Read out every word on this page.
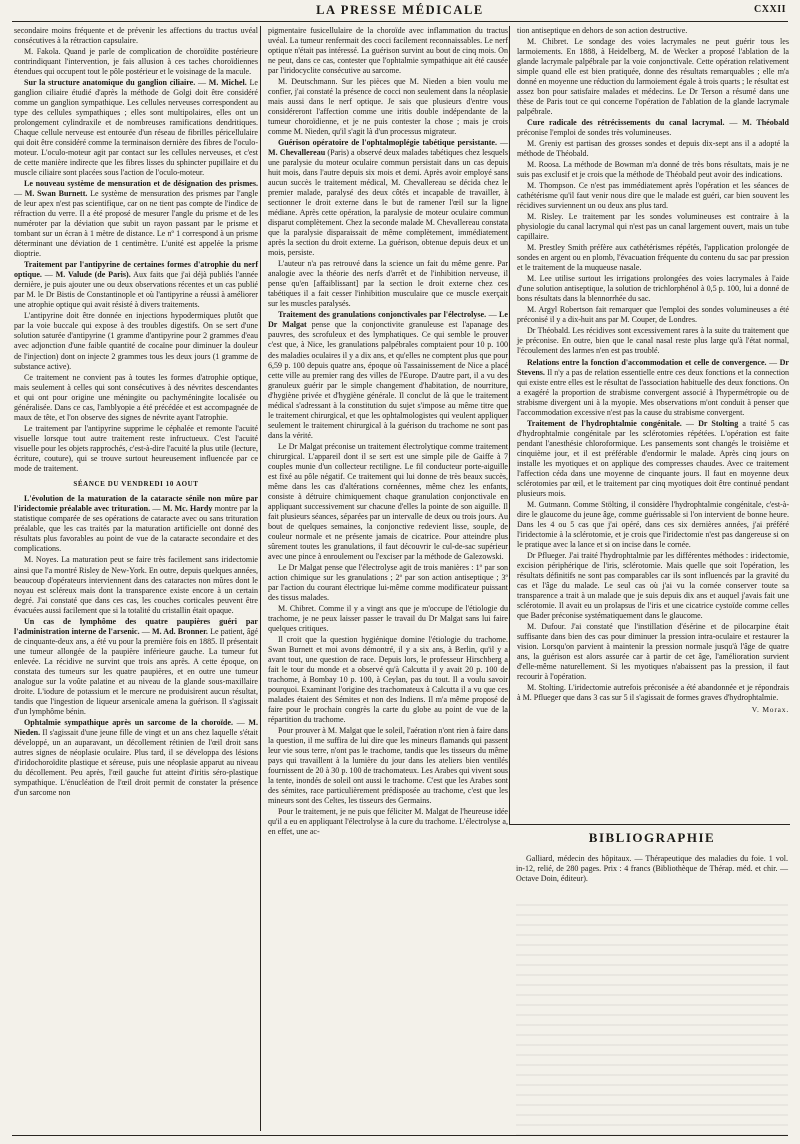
LA PRESSE MÉDICALE	CXXII

secondaire moins fréquente et de prévenir les affections du tractus uvéal consécutives à la rétraction capsulaire.

M. Fakola. Quand je parle de complication de choroïdite postérieure contrindiquant l'intervention, je fais allusion à ces taches choroïdiennes étendues qui occupent tout le pôle postérieur et le voisinage de la macule.

Sur la structure anatomique du ganglion ciliaire. — M. Michel. Le ganglion ciliaire étudié d'après la méthode de Golgi doit être considéré comme un ganglion sympathique. Les cellules nerveuses correspondent au type des cellules sympathiques ; elles sont multipolaires, elles ont un prolongement cylindraxile et de nombreuses ramifications dendritiques. Chaque cellule nerveuse est entourée d'un réseau de fibrilles péricellulaire qui doit être considéré comme la terminaison dernière des fibres de l'oculo-moteur. L'oculo-moteur agit par contact sur les cellules nerveuses, et c'est de cette manière indirecte que les fibres lisses du sphincter pupillaire et du muscle ciliaire sont placées sous l'action de l'oculo-moteur.

Le nouveau système de mensuration et de désignation des prismes. — M. Swan Burnett. Le système de mensuration des prismes par l'angle de leur apex n'est pas scientifique, car on ne tient pas compte de l'indice de réfraction du verre. Il a été proposé de mesurer l'angle du prisme et de les numéroter par la déviation que subit un rayon passant par le prisme et tombant sur un écran à 1 mètre de distance. Le nº 1 correspond à un prisme déterminant une déviation de 1 centimètre. L'unité est appelée la prisme dioptrie.

Traitement par l'antipyrine de certaines formes d'atrophie du nerf optique. — M. Valude (de Paris). Aux faits que j'ai déjà publiés l'année dernière, je puis ajouter une ou deux observations récentes et un cas publié par M. le Dr Bistis de Constantinople et où l'antipyrine a réussi à améliorer une atrophie optique qui avait résisté à divers traitements.

L'antipyrine doit être donnée en injections hypodermiques plutôt que par la voie buccale qui expose à des troubles digestifs. On se sert d'une solution saturée d'antipyrine (1 gramme d'antipyrine pour 2 grammes d'eau avec adjonction d'une faible quantité de cocaïne pour diminuer la douleur de l'injection) dont on injecte 2 grammes tous les deux jours (1 gramme de substance active).

Ce traitement ne convient pas à toutes les formes d'atrophie optique, mais seulement à celles qui sont consécutives à des névrites descendantes et qui ont pour origine une méningite ou pachyméningite localisée ou généralisée. Dans ce cas, l'amblyopie a été précédée et est accompagnée de maux de tête, et l'on observe des signes de névrite ayant l'atrophie.

Le traitement par l'antipyrine supprime le céphalée et remonte l'acuité visuelle lorsque tout autre traitement reste infructueux. C'est l'acuité visuelle pour les objets rapprochés, c'est-à-dire l'acuité la plus utile (lecture, écriture, couture), qui se trouve surtout heureusement influencée par ce mode de traitement.

SÉANCE DU VENDREDI 10 AOUT

L'évolution de la maturation de la cataracte sénile non mûre par l'iridectomie préalable avec trituration. — M. Mc. Hardy montre par la statistique comparée de ses opérations de cataracte avec ou sans trituration préalable, que les cas traités par la maturation artificielle ont donné des résultats plus favorables au point de vue de la cataracte secondaire et des complications.

M. Noyes. La maturation peut se faire très facilement sans iridectomie ainsi que l'a montré Risley de New-York. En outre, depuis quelques années, beaucoup d'opérateurs interviennent dans des cataractes non mûres dont le noyau est scléreux mais dont la transparence existe encore à un certain degré. J'ai constaté que dans ces cas, les couches corticales peuvent être évacuées aussi facilement que si la totalité du cristallin était opaque.

Un cas de lymphôme des quatre paupières guéri par l'administration interne de l'arsenic. — M. Ad. Bronner. Le patient, âgé de cinquante-deux ans, a été vu pour la première fois en 1885. Il présentait une tumeur allongée de la paupière inférieure gauche. La tumeur fut enlevée. La récidive ne survint que trois ans après. A cette époque, on constata des tumeurs sur les quatre paupières, et en outre une tumeur analogue sur la voûte palatine et au niveau de la glande sous-maxillaire droite. L'iodure de potassium et le mercure ne produisirent aucun résultat, tandis que l'ingestion de liqueur arsenicale amena la guérison. Il s'agissait d'un lymphôme bénin.

Ophtalmie sympathique après un sarcome de la choroïde. — M. Nieden. Il s'agissait d'une jeune fille de vingt et un ans chez laquelle s'était développé, un an auparavant, un décollement rétinien de l'œil droit sans autres signes de néoplasie oculaire. Plus tard, il se développa des lésions d'iridochoroïdite plastique et séreuse, puis une néoplasie apparut au niveau du décollement. Peu après, l'œil gauche fut atteint d'iritis séro-plastique sympathique. L'énucléation de l'œil droit permit de constater la présence d'un sarcome non

pigmentaire fusicellulaire de la choroïde avec inflammation du tractus uvéal. La tumeur renfermait des cocci facilement reconnaissables. Le nerf optique n'était pas intéressé. La guérison survint au bout de cinq mois. On ne peut, dans ce cas, contester que l'ophtalmie sympathique ait été causée par l'iridocyclite consécutive au sarcome.

M. Deutschmann. Sur les pièces que M. Nieden a bien voulu me confier, j'ai constaté la présence de cocci non seulement dans la néoplasie mais aussi dans le nerf optique. Je sais que plusieurs d'entre vous considéreront l'affection comme une iritis double indépendante de la tumeur choroïdienne, et je ne puis contester la chose ; mais je crois comme M. Nieden, qu'il s'agit là d'un processus migrateur.

Guérison opératoire de l'ophtalmoplégie tabétique persistante. — M. Chevallereau (Paris) a observé deux malades tabétiques chez lesquels une paralysie du moteur oculaire commun persistait dans un cas depuis huit mois, dans l'autre depuis six mois et demi. Après avoir employé sans aucun succès le traitement médical, M. Chevallereau se décida chez le premier malade, paralysé des deux côtés et incapable de travailler, à sectionner le droit externe dans le but de ramener l'œil sur la ligne médiane. Après cette opération, la paralysie de moteur oculaire commun disparut complètement. Chez la seconde malade M. Chevallereau constata que la paralysie disparaissait de même complètement, immédiatement après la section du droit externe. La guérison, obtenue depuis deux et un mois, persiste.

L'auteur n'a pas retrouvé dans la science un fait du même genre. Par analogie avec la théorie des nerfs d'arrêt et de l'inhibition nerveuse, il pense qu'en [affaiblissant] par la section le droit externe chez ces tabétiques il a fait cesser l'inhibition musculaire que ce muscle exerçait sur les muscles paralysés.

Traitement des granulations conjonctivales par l'électrolyse. — Le Dr Malgat pense que la conjonctivite granuleuse est l'apanage des pauvres, des scrofuleux et des lymphatiques. Ce qui semble le prouver c'est que, à Nice, les granulations palpébrales comptaient pour 10 p. 100 des maladies oculaires il y a dix ans, et qu'elles ne comptent plus que pour 6,59 p. 100 depuis quatre ans, époque où l'assainissement de Nice a placé cette ville au premier rang des villes de l'Europe. D'autre part, il a vu des granuleux guérir par le simple changement d'habitation, de nourriture, d'hygiène privée et d'hygiène générale. Il conclut de là que le traitement médical s'adressant à la constitution du sujet s'impose au même titre que le traitement chirurgical, et que les ophtalmologistes qui veulent appliquer seulement le traitement chirurgical à la guérison du trachome ne sont pas dans la vérité.

Le Dr Malgat préconise un traitement électrolytique comme traitement chirurgical. L'appareil dont il se sert est une simple pile de Gaiffe à 7 couples munie d'un collecteur rectiligne. Le fil conducteur porte-aiguille est fixé au pôle négatif. Ce traitement qui lui donne de très beaux succès, même dans les cas d'altérations cornéennes, même chez les enfants, consiste à détruire chimiquement chaque granulation conjonctivale en appliquant successivement sur chacune d'elles la pointe de son aiguille. Il fait plusieurs séances, séparées par un intervalle de deux ou trois jours. Au bout de quelques semaines, la conjonctive redevient lisse, souple, de couleur normale et ne présente jamais de cicatrice. Pour atteindre plus sûrement toutes les granulations, il faut découvrir le cul-de-sac supérieur avec une pince à enroulement ou l'exciser par la méthode de Galezowski.

Le Dr Malgat pense que l'électrolyse agit de trois manières : 1º par son action chimique sur les granulations ; 2º par son action antiseptique ; 3º par l'action du courant électrique lui-même comme modificateur puissant des tissus malades.

M. Chibret. Comme il y a vingt ans que je m'occupe de l'étiologie du trachome, je ne peux laisser passer le travail du Dr Malgat sans lui faire quelques critiques.

Il croit que la question hygiénique domine l'étiologie du trachome. Swan Burnett et moi avons démontré, il y a six ans, à Berlin, qu'il y a avant tout, une question de race. Depuis lors, le professeur Hirschberg a fait le tour du monde et a observé qu'à Calcutta il y avait 20 p. 100 de trachome, à Bombay 10 p. 100, à Ceylan, pas du tout. Il a voulu savoir pourquoi. Examinant l'origine des trachomateux à Calcutta il a vu que ces malades étaient des Sémites et non des Indiens. Il m'a même proposé de faire pour le prochain congrès la carte du globe au point de vue de la répartition du trachome.

Pour prouver à M. Malgat que le soleil, l'aération n'ont rien à faire dans la question, il me suffira de lui dire que les mineurs flamands qui passent leur vie sous terre, n'ont pas le trachome, tandis que les tisseurs du même pays qui travaillent à la lumière du jour dans les ateliers bien ventilés fournissent de 20 à 30 p. 100 de trachomateux. Les Arabes qui vivent sous la tente, inondés de soleil ont aussi le trachome. C'est que les Arabes sont des sémites, race particulièrement prédisposée au trachome, c'est que les mineurs sont des Celtes, les tisseurs des Germains.

Pour le traitement, je ne puis que féliciter M. Malgat de l'heureuse idée qu'il a eu en appliquant l'électrolyse à la cure du trachome. L'électrolyse a, en effet, une ac-

tion antiseptique en dehors de son action destructive.

M. Chibret. Le sondage des voies lacrymales ne peut guérir tous les larmoiements. En 1888, à Heidelberg, M. de Wecker a proposé l'ablation de la glande lacrymale palpébrale par la voie conjonctivale. Cette opération relativement simple quand elle est bien pratiquée, donne des résultats remarquables ; elle m'a donné en moyenne une réduction du larmoiement égale à trois quarts ; le résultat est assez bon pour satisfaire malades et médecins. Le Dr Terson a résumé dans une thèse de Paris tout ce qui concerne l'opération de l'ablation de la glande lacrymale palpébrale.

Cure radicale des rétrécissements du canal lacrymal. — M. Théobald préconise l'emploi de sondes très volumineuses.

M. Greniy est partisan des grosses sondes et depuis dix-sept ans il a adopté la méthode de Théobald.

M. Roosa. La méthode de Bowman m'a donné de très bons résultats, mais je ne suis pas exclusif et je crois que la méthode de Théobald peut avoir des indications.

M. Thompson. Ce n'est pas immédiatement après l'opération et les séances de cathétérisme qu'il faut venir nous dire que le malade est guéri, car bien souvent les récidives surviennent un ou deux ans plus tard.

M. Risley. Le traitement par les sondes volumineuses est contraire à la physiologie du canal lacrymal qui n'est pas un canal largement ouvert, mais un tube capillaire.

M. Prestley Smith préfère aux cathétérismes répétés, l'application prolongée de sondes en argent ou en plomb, l'évacuation fréquente du contenu du sac par pression et le traitement de la muqueuse nasale.

M. Lee utilise surtout les irrigations prolongées des voies lacrymales à l'aide d'une solution antiseptique, la solution de trichlorphénol à 0,5 p. 100, lui a donné de bons résultats dans la blennorrhée du sac.

M. Argyl Robertson fait remarquer que l'emploi des sondes volumineuses a été préconisé il y a dix-huit ans par M. Couper, de Londres.

Dr Théobald. Les récidives sont excessivement rares à la suite du traitement que je préconise. En outre, bien que le canal nasal reste plus large qu'à l'état normal, l'écoulement des larmes n'en est pas troublé.

Relations entre la fonction d'accommodation et celle de convergence. — Dr Stevens. Il n'y a pas de relation essentielle entre ces deux fonctions et la connection qui existe entre elles est le résultat de l'association habituelle des deux fonctions. On a exagéré la proportion de strabisme convergent associé à l'hypermétropie ou de strabisme divergent uni à la myopie. Mes observations m'ont conduit à penser que l'accommodation excessive n'est pas la cause du strabisme convergent.

Traitement de l'hydrophtalmie congénitale. — Dr Stolting a traité 5 cas d'hydrophtalmie congénitale par les sclérotomies répétées. L'opération est faite pendant l'anesthésie chloroformique. Les pansements sont changés le troisième et cinquième jour, et il est préférable d'endormir le malade. Après cinq jours on installe les myotiques et on applique des compresses chaudes. Avec ce traitement l'affection céda dans une moyenne de cinquante jours. Il faut en moyenne deux sclérotomies par œil, et le traitement par cinq myotiques doit être continué pendant plusieurs mois.

M. Gutmann. Comme Stölting, il considère l'hydrophtalmie congénitale, c'est-à-dire le glaucome du jeune âge, comme guérissable si l'on intervient de bonne heure. Dans les 4 ou 5 cas que j'ai opéré, dans ces six dernières années, j'ai préféré l'iridectomie à la sclérotomie, et je crois que l'iridectomie n'est pas dangereuse si on le pratique avec la lance et si on incise dans le cornée.

Dr Pflueger. J'ai traité l'hydrophtalmie par les différentes méthodes : iridectomie, excision périphérique de l'iris, sclérotomie. Mais quelle que soit l'opération, les résultats définitifs ne sont pas comparables car ils sont influencés par la gravité du cas et l'âge du malade. Le seul cas où j'ai vu la cornée conserver toute sa transparence a trait à un malade que je suis depuis dix ans et auquel j'avais fait une sclérotomie. Il avait eu un prolapsus de l'iris et une cicatrice cystoïde comme celles que Bader préconise systématiquement dans le glaucome.

M. Dufour. J'ai constaté que l'instillation d'ésérine et de pilocarpine était suffisante dans bien des cas pour diminuer la pression intra-oculaire et restaurer la vision. Lorsqu'on parvient à maintenir la pression normale jusqu'à l'âge de quatre ans, la guérison est alors assurée car à partir de cet âge, l'amélioration survient d'elle-même naturellement. Si les myotiques n'abaissent pas la pression, il faut recourir à l'opération.

M. Stolting. L'iridectomie autrefois préconisée a été abandonnée et je répondrais à M. Pflueger que dans 3 cas sur 5 il s'agissait de formes graves d'hydrophtalmie.

V. Morax.
BIBLIOGRAPHIE

Galliard, médecin des hôpitaux. — Thérapeutique des maladies du foie. 1 vol. in-12, relié, de 280 pages. Prix : 4 francs (Bibliothèque de Thérap. méd. et chir. — Octave Doin, éditeur).
